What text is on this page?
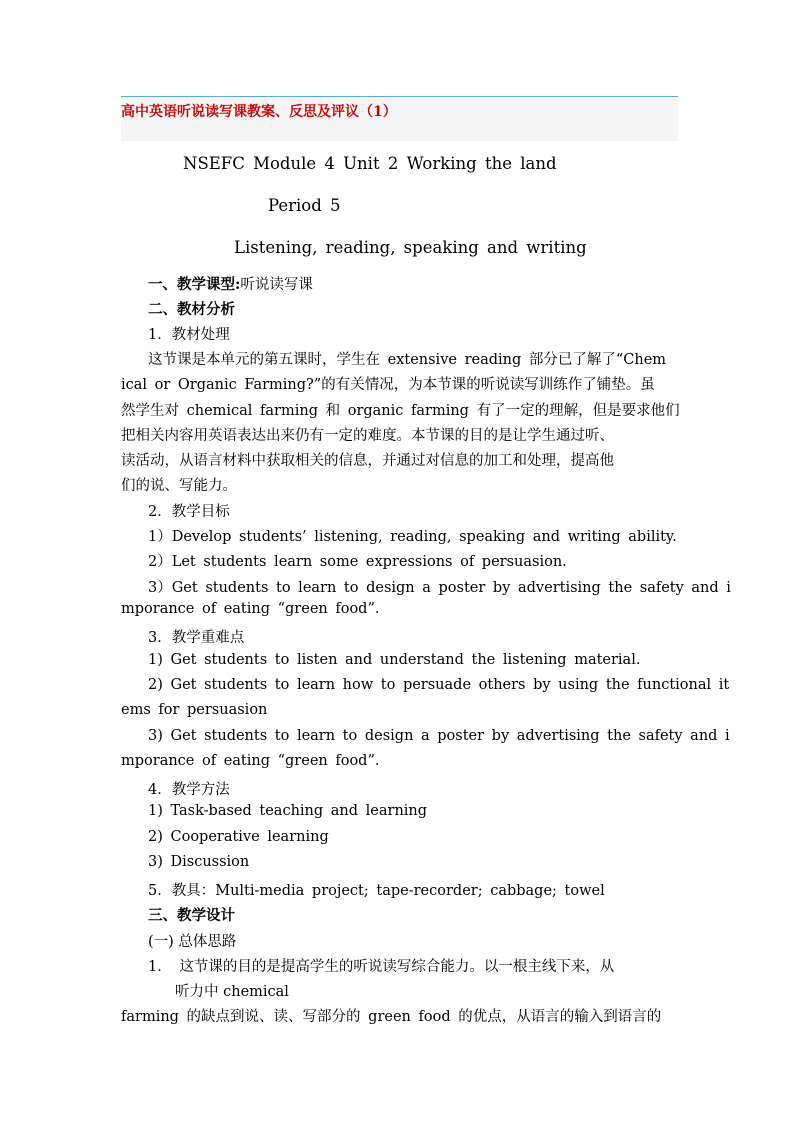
高中英语听说读写课教案、反思及评议（1）
NSEFC Module 4 Unit 2 Working the land
Period 5
Listening, reading, speaking and writing
一、教学课型:听说读写课
二、教材分析
1．教材处理
这节课是本单元的第五课时，学生在 extensive reading 部分已了解了“Chem
ical or Organic Farming?”的有关情况，为本节课的听说读写训练作了铺垫。虽
然学生对 chemical farming 和 organic farming 有了一定的理解，但是要求他们
把相关内容用英语表达出来仍有一定的难度。本节课的目的是让学生通过听、
读活动，从语言材料中获取相关的信息，并通过对信息的加工和处理，提高他
们的说、写能力。
2．教学目标
1）Develop students’ listening, reading, speaking and writing ability.
2）Let students learn some expressions of persuasion.
3）Get students to learn to design a poster by advertising the safety and i
mporance of eating “green food”.
3．教学重难点
1) Get students to listen and understand the listening material.
2) Get students to learn how to persuade others by using the functional it
ems for persuasion
3) Get students to learn to design a poster by advertising the safety and i
mporance of eating “green food”.
4．教学方法
1) Task-based teaching and learning
2) Cooperative learning
3) Discussion
5．教具：Multi-media project; tape-recorder; cabbage; towel
三、教学设计
(一) 总体思路
1． 这节课的目的是提高学生的听说读写综合能力。以一根主线下来，从
听力中 chemical
farming 的缺点到说、读、写部分的 green food 的优点，从语言的输入到语言的
